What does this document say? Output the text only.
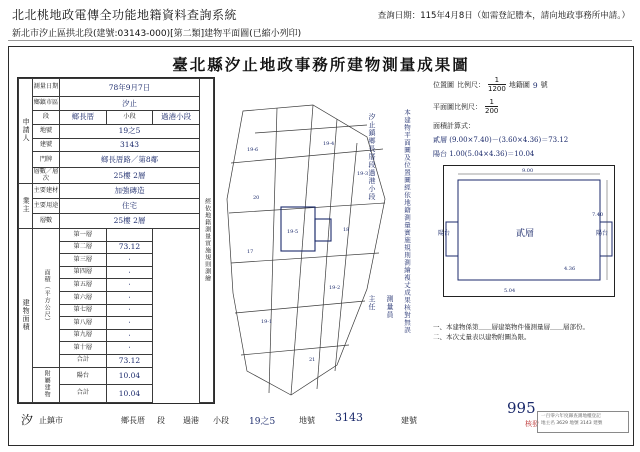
北北桃地政電傳全功能地籍資料查詢系統	查詢日期：115年4月8日（如需登記謄本，請向地政事務所申請。）
新北市汐止區拱北段(建號:03143-000)[第二類]建物平面圖(已縮小列印)
臺北縣汐止地政事務所建物測量成果圖
申請人	測量日期	78年9月7日			經依地籍測量實施規則測繪
	鄉鎮市區	汐止			
	段	鄉長厝	小段	過港小段	
	地號	19之5			
	建號	3143			
	門牌	鄉長厝路／第8鄰			
	層數／層次	25樓 2層			
業主	主要建材	加強磚造			
	主要用途	住宅			
	層數	25樓 2層			
建物面積	面積（平方公尺）	第一層			
		第二層	73.12		
		第三層	‧		
		第四層	‧		
		第五層	‧		
		第六層	‧		
		第七層	‧		
		第八層	‧		
		第九層	‧		
		第十層	‧		
		合計	73.12		
	附屬建物	陽台	10.04		
		合計	10.04		
19-6
19-4
19-3
20
18
17
19-2
19-1
21
19-5
汐止鎮鄉長厝段過港小段	本建物平面圖及位置圖經依地籍測量實施規則測繪複丈成果核對無誤
測量員
主任
位置圖 比例尺： $\frac{1}{1200}$ 地籍圖 9 號
平面圖比例尺： $\frac{1}{200}$
面積計算式：
貳層 (9.00×7.40)－(3.60×4.36)＝73.12
陽台 1.00(5.04×4.36)＝10.04
9.00
7.40
5.04
4.36
貳層
陽台	陽台
一、本建物係第＿＿層建築物件僅測量層＿＿層部份。
二、本次丈量表以建物附圖為限。
汐 止鎮市	鄉長厝 段 過港 小段 19之5	地號 3143	建號
995
核發
一百零六年度縣查測地權登記
地主名 3629 地號 3143 建號
